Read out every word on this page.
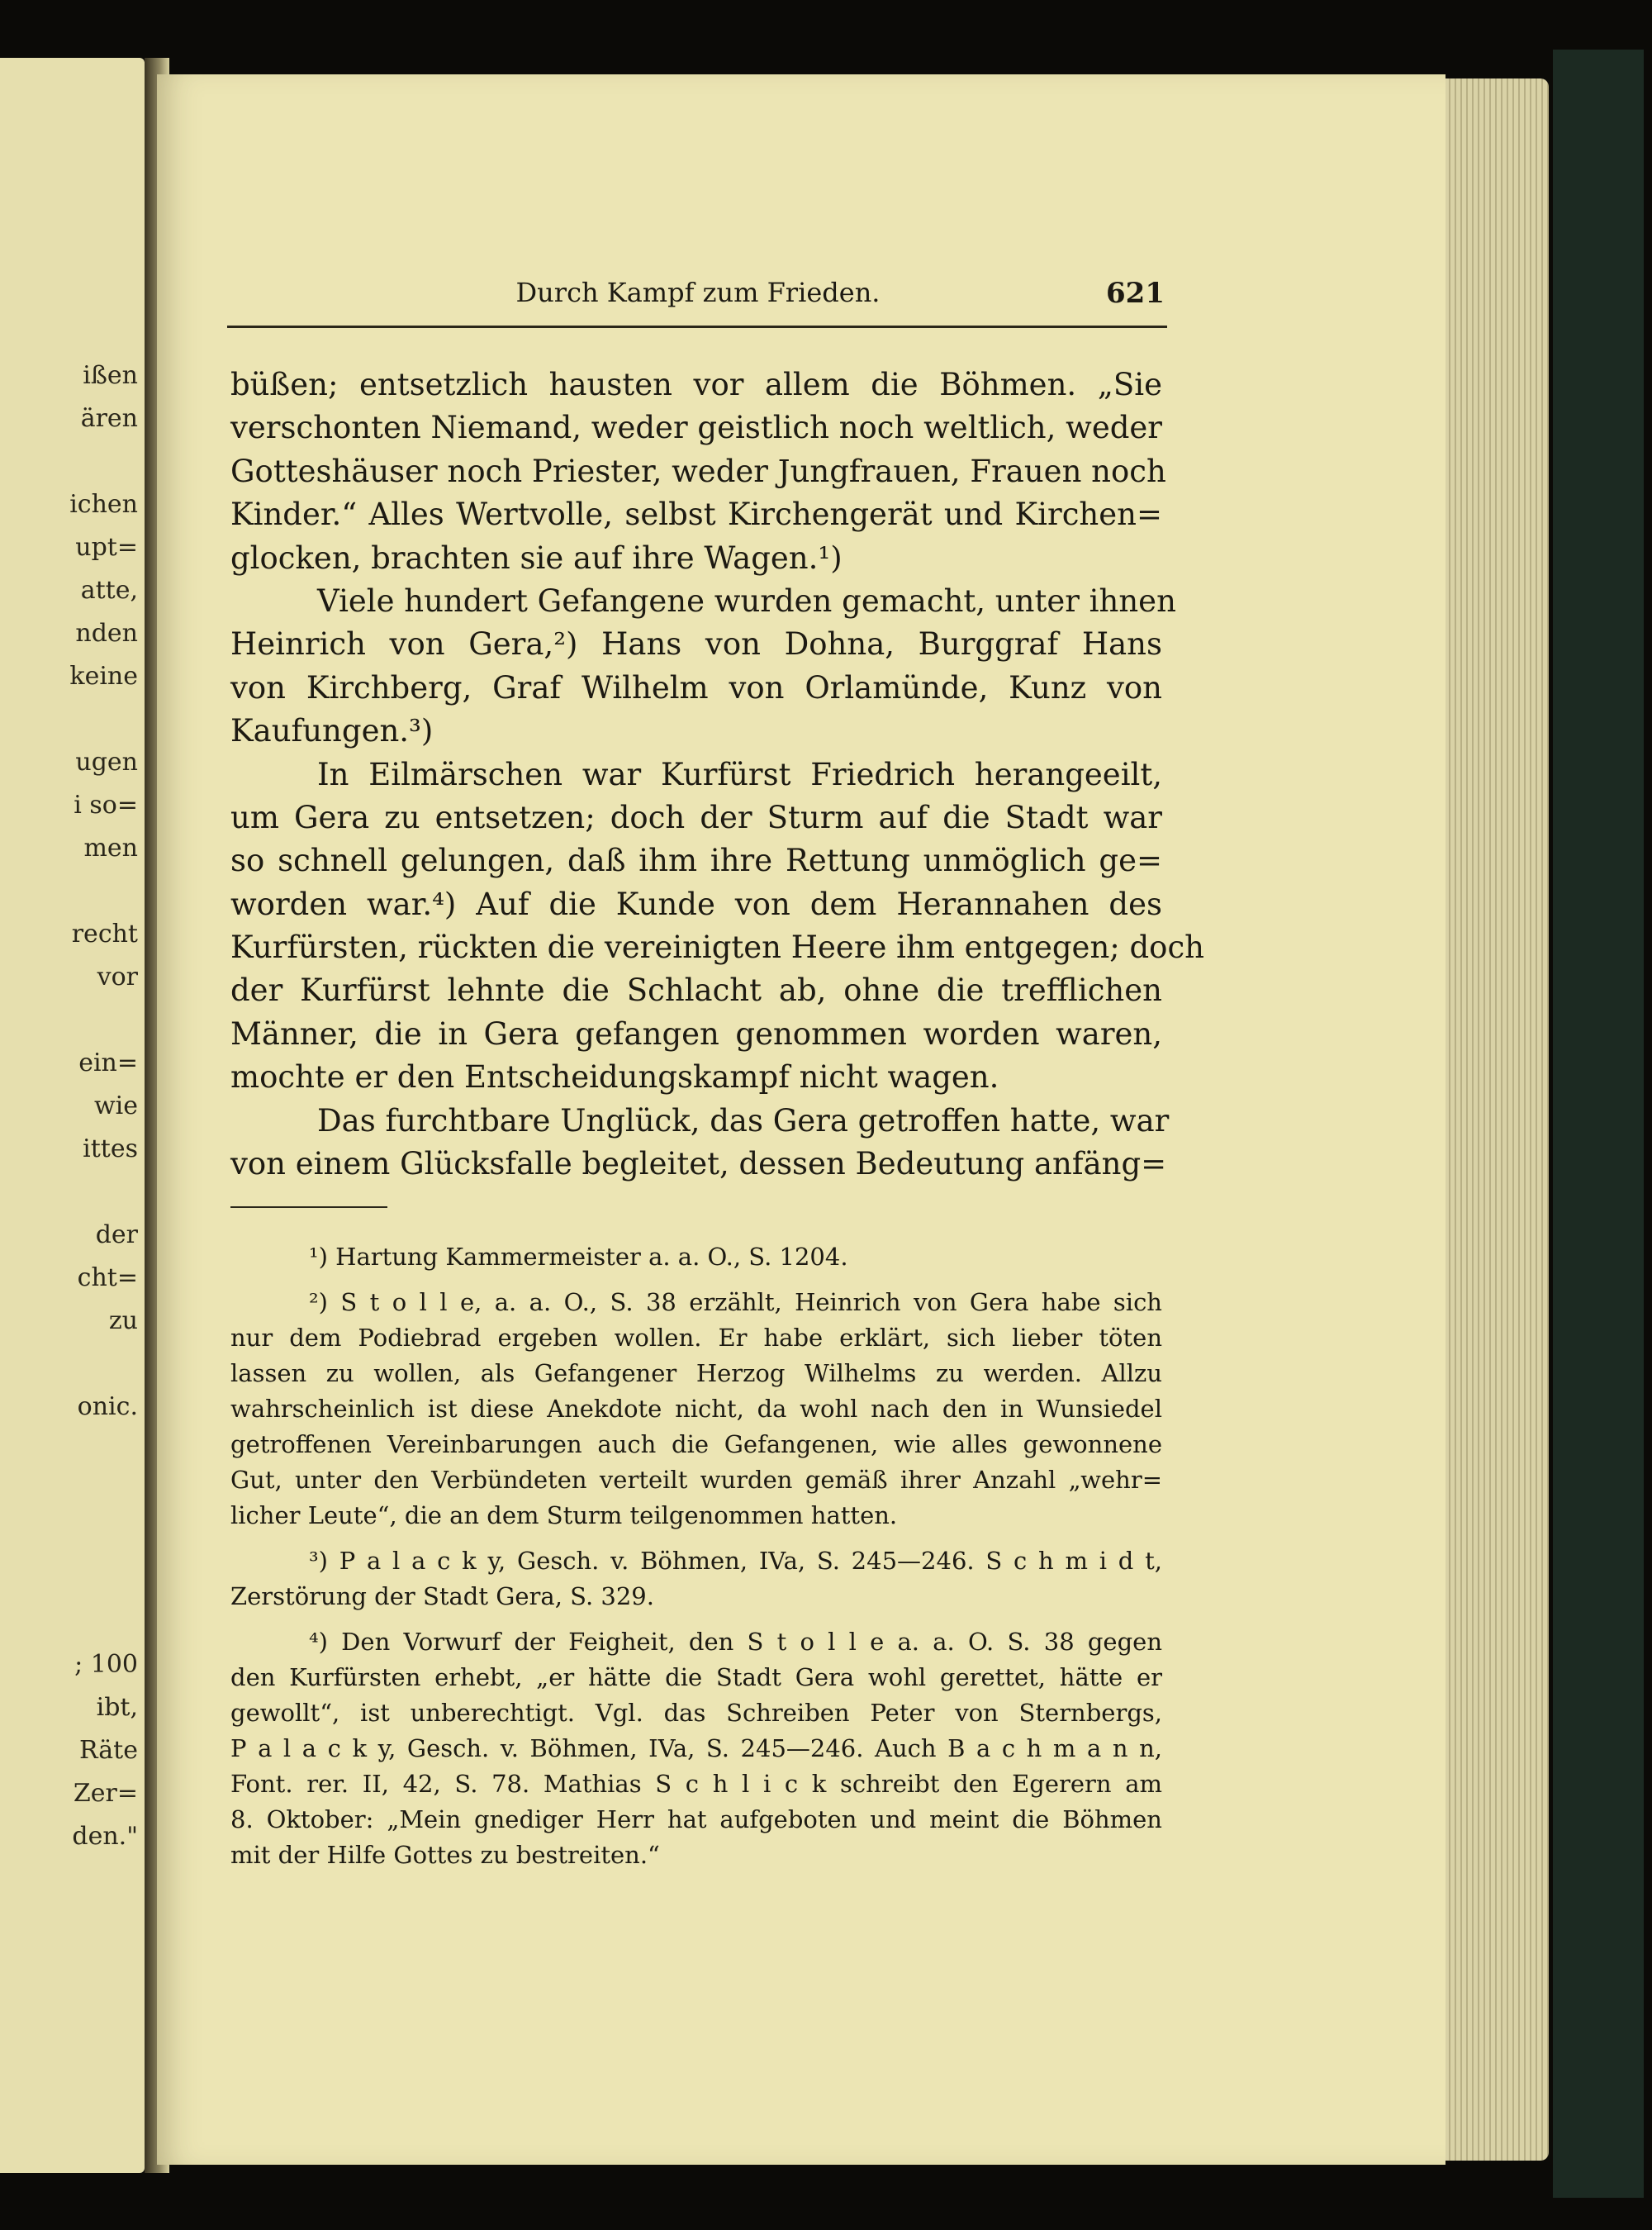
ißen
ären
ichen
upt=
atte,
nden
keine
ugen
i so=
men
recht
vor
ein=
wie
ittes
der
cht=
zu
onic.
; 100
ibt,
Räte
Zer=
den."
Durch Kampf zum Frieden.	621
büßen; entsetzlich hausten vor allem die Böhmen. „Sie
verschonten Niemand, weder geistlich noch weltlich, weder
Gotteshäuser noch Priester, weder Jungfrauen, Frauen noch
Kinder.“ Alles Wertvolle, selbst Kirchengerät und Kirchen=
glocken, brachten sie auf ihre Wagen.¹)
Viele hundert Gefangene wurden gemacht, unter ihnen
Heinrich von Gera,²) Hans von Dohna, Burggraf Hans
von Kirchberg, Graf Wilhelm von Orlamünde, Kunz von
Kaufungen.³)
In Eilmärschen war Kurfürst Friedrich herangeeilt,
um Gera zu entsetzen; doch der Sturm auf die Stadt war
so schnell gelungen, daß ihm ihre Rettung unmöglich ge=
worden war.⁴) Auf die Kunde von dem Herannahen des
Kurfürsten, rückten die vereinigten Heere ihm entgegen; doch
der Kurfürst lehnte die Schlacht ab, ohne die trefflichen
Männer, die in Gera gefangen genommen worden waren,
mochte er den Entscheidungskampf nicht wagen.
Das furchtbare Unglück, das Gera getroffen hatte, war
von einem Glücksfalle begleitet, dessen Bedeutung anfäng=
¹) Hartung Kammermeister a. a. O., S. 1204.
²) S t o l l e, a. a. O., S. 38 erzählt, Heinrich von Gera habe sich
nur dem Podiebrad ergeben wollen. Er habe erklärt, sich lieber töten
lassen zu wollen, als Gefangener Herzog Wilhelms zu werden. Allzu
wahrscheinlich ist diese Anekdote nicht, da wohl nach den in Wunsiedel
getroffenen Vereinbarungen auch die Gefangenen, wie alles gewonnene
Gut, unter den Verbündeten verteilt wurden gemäß ihrer Anzahl „wehr=
licher Leute“, die an dem Sturm teilgenommen hatten.
³) P a l a c k y, Gesch. v. Böhmen, IVa, S. 245—246. S c h m i d t,
Zerstörung der Stadt Gera, S. 329.
⁴) Den Vorwurf der Feigheit, den S t o l l e a. a. O. S. 38 gegen
den Kurfürsten erhebt, „er hätte die Stadt Gera wohl gerettet, hätte er
gewollt“, ist unberechtigt. Vgl. das Schreiben Peter von Sternbergs,
P a l a c k y, Gesch. v. Böhmen, IVa, S. 245—246. Auch B a c h m a n n,
Font. rer. II, 42, S. 78. Mathias S c h l i c k schreibt den Egerern am
8. Oktober: „Mein gnediger Herr hat aufgeboten und meint die Böhmen
mit der Hilfe Gottes zu bestreiten.“
